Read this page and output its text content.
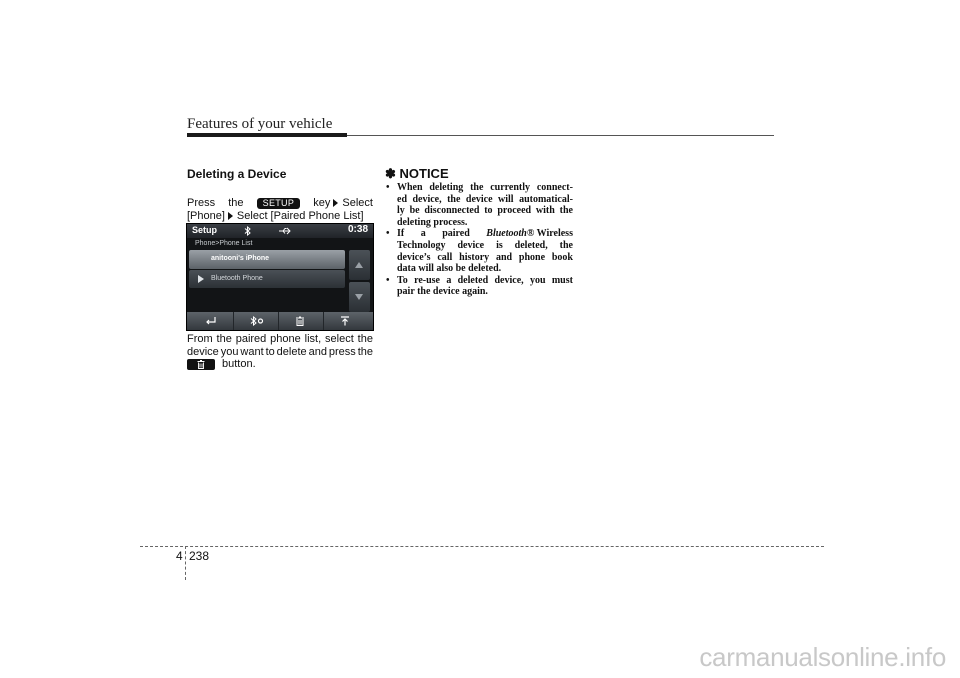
Features of your vehicle
Deleting a Device
Press the	SETUP	key Select
[Phone] Select [Paired Phone List]
Setup	0:38
Phone>Phone List
anitooni's iPhone
Bluetooth Phone
From the paired phone list, select the
device you want to delete and press the
button.
✽ NOTICE
• When deleting the currently connect-
ed device, the device will automatical-
ly be disconnected to proceed with the
deleting process.
• If a paired Bluetooth® Wireless
Technology device is deleted, the
device’s call history and phone book
data will also be deleted.
• To re-use a deleted device, you must
pair the device again.
4 238
carmanualsonline.info
